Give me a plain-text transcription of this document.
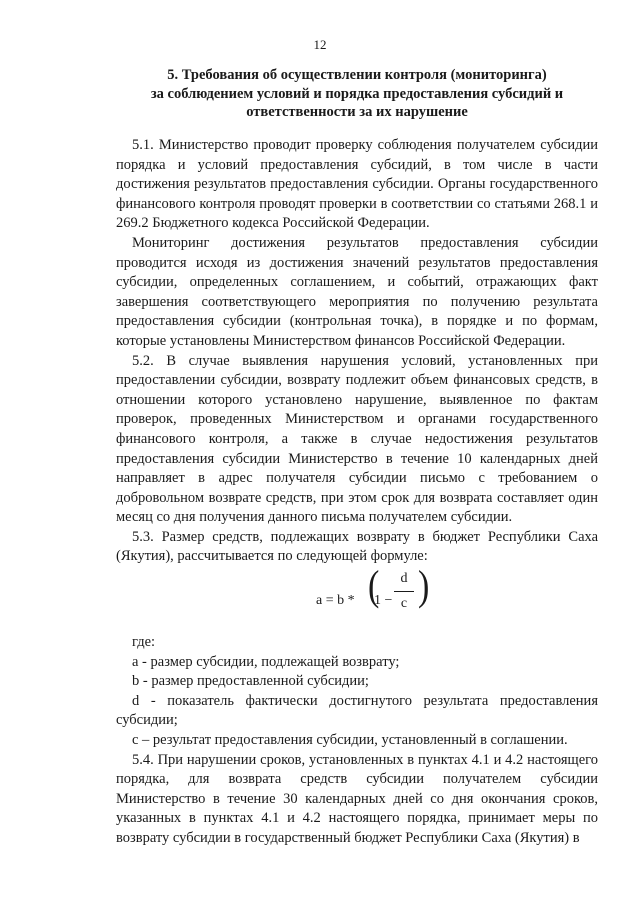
12
5. Требования об осуществлении контроля (мониторинга)
за соблюдением условий и порядка предоставления субсидий и
ответственности за их нарушение

5.1. Министерство проводит проверку соблюдения получателем субсидии порядка и условий предоставления субсидий, в том числе в части достижения результатов предоставления субсидии. Органы государственного финансового контроля проводят проверки в соответствии со статьями 268.1 и 269.2 Бюджетного кодекса Российской Федерации.

Мониторинг достижения результатов предоставления субсидии проводится исходя из достижения значений результатов предоставления субсидии, определенных соглашением, и событий, отражающих факт завершения соответствующего мероприятия по получению результата предоставления субсидии (контрольная точка), в порядке и по формам, которые установлены Министерством финансов Российской Федерации.

5.2. В случае выявления нарушения условий, установленных при предоставлении субсидии, возврату подлежит объем финансовых средств, в отношении которого установлено нарушение, выявленное по фактам проверок, проведенных Министерством и органами государственного финансового контроля, а также в случае недостижения результатов предоставления субсидии Министерство в течение 10 календарных дней направляет в адрес получателя субсидии письмо с требованием о добровольном возврате средств, при этом срок для возврата составляет один месяц со дня получения данного письма получателем субсидии.

5.3. Размер средств, подлежащих возврату в бюджет Республики Саха (Якутия), рассчитывается по следующей формуле:

a = b * (
1 −
d
c )

где:

а - размер субсидии, подлежащей возврату;

b - размер предоставленной субсидии;

d - показатель фактически достигнутого результата предоставления субсидии;

c – результат предоставления субсидии, установленный в соглашении.

5.4. При нарушении сроков, установленных в пунктах 4.1 и 4.2 настоящего порядка, для возврата средств субсидии получателем субсидии Министерство в течение 30 календарных дней со дня окончания сроков, указанных в пунктах 4.1 и 4.2 настоящего порядка, принимает меры по возврату субсидии в государственный бюджет Республики Саха (Якутия) в
